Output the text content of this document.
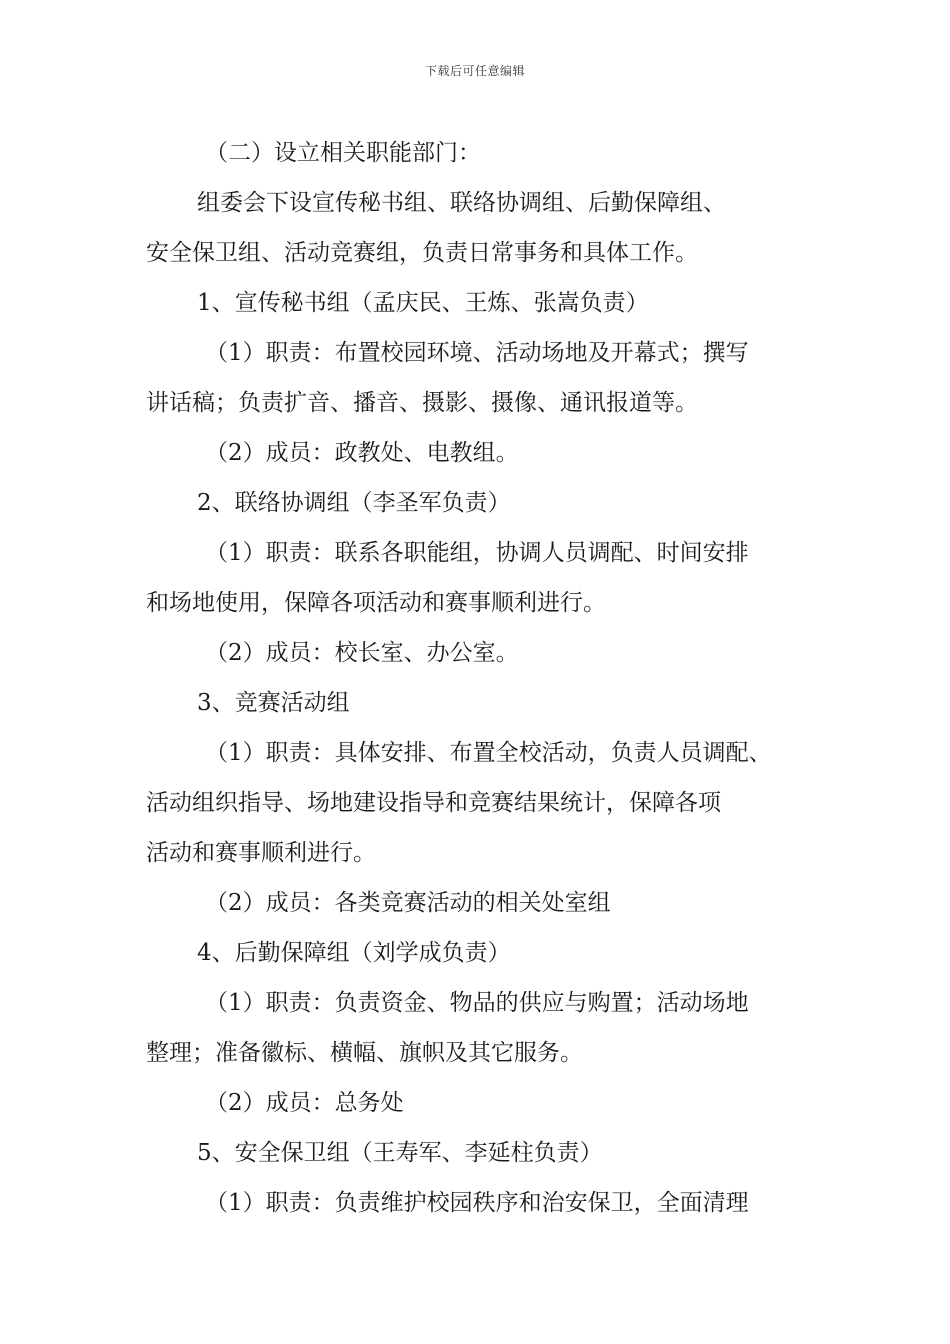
下载后可任意编辑
（二）设立相关职能部门：
组委会下设宣传秘书组、联络协调组、后勤保障组、
安全保卫组、活动竞赛组，负责日常事务和具体工作。
1、宣传秘书组（孟庆民、王炼、张嵩负责）
（1）职责：布置校园环境、活动场地及开幕式；撰写
讲话稿；负责扩音、播音、摄影、摄像、通讯报道等。
（2）成员：政教处、电教组。
2、联络协调组（李圣军负责）
（1）职责：联系各职能组，协调人员调配、时间安排
和场地使用，保障各项活动和赛事顺利进行。
（2）成员：校长室、办公室。
3、竞赛活动组
（1）职责：具体安排、布置全校活动，负责人员调配、
活动组织指导、场地建设指导和竞赛结果统计，保障各项
活动和赛事顺利进行。
（2）成员：各类竞赛活动的相关处室组
4、后勤保障组（刘学成负责）
（1）职责：负责资金、物品的供应与购置；活动场地
整理；准备徽标、横幅、旗帜及其它服务。
（2）成员：总务处
5、安全保卫组（王寿军、李延柱负责）
（1）职责：负责维护校园秩序和治安保卫，全面清理
